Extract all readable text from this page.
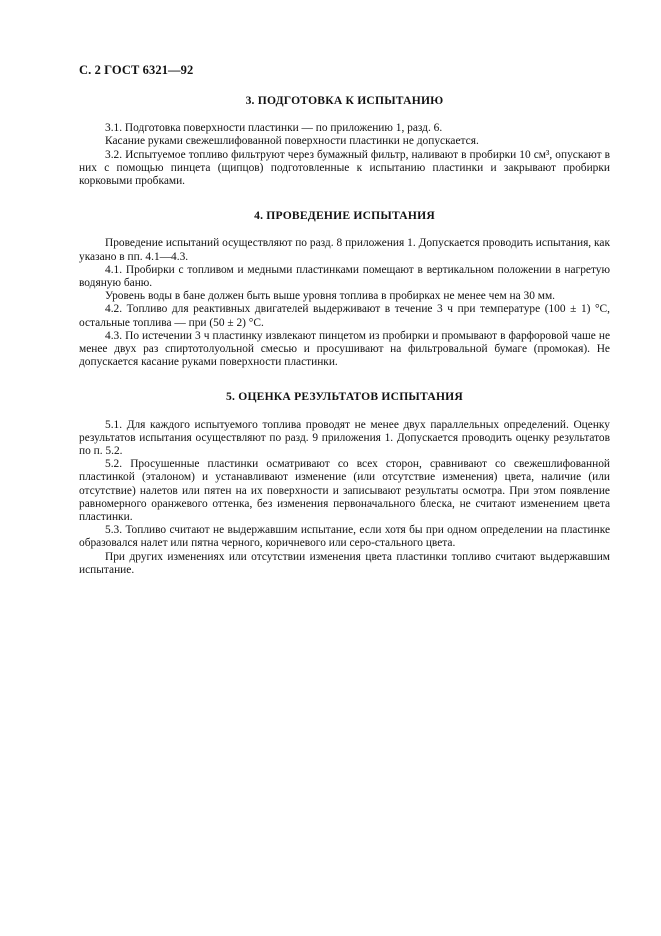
С. 2 ГОСТ 6321—92
3. ПОДГОТОВКА К ИСПЫТАНИЮ

3.1. Подготовка поверхности пластинки — по приложению 1, разд. 6.

Касание руками свежешлифованной поверхности пластинки не допускается.

3.2. Испытуемое топливо фильтруют через бумажный фильтр, наливают в пробирки 10 см³, опускают в них с помощью пинцета (щипцов) подготовленные к испытанию пластинки и закрывают пробирки корковыми пробками.

4. ПРОВЕДЕНИЕ ИСПЫТАНИЯ

Проведение испытаний осуществляют по разд. 8 приложения 1. Допускается проводить испытания, как указано в пп. 4.1—4.3.

4.1. Пробирки с топливом и медными пластинками помещают в вертикальном положении в нагретую водяную баню.

Уровень воды в бане должен быть выше уровня топлива в пробирках не менее чем на 30 мм.

4.2. Топливо для реактивных двигателей выдерживают в течение 3 ч при температуре (100 ± 1) °С, остальные топлива — при (50 ± 2) °С.

4.3. По истечении 3 ч пластинку извлекают пинцетом из пробирки и промывают в фарфоровой чаше не менее двух раз спиртотолуольной смесью и просушивают на фильтровальной бумаге (промокая). Не допускается касание руками поверхности пластинки.

5. ОЦЕНКА РЕЗУЛЬТАТОВ ИСПЫТАНИЯ

5.1. Для каждого испытуемого топлива проводят не менее двух параллельных определений. Оценку результатов испытания осуществляют по разд. 9 приложения 1. Допускается проводить оценку результатов по п. 5.2.

5.2. Просушенные пластинки осматривают со всех сторон, сравнивают со свежешлифованной пластинкой (эталоном) и устанавливают изменение (или отсутствие изменения) цвета, наличие (или отсутствие) налетов или пятен на их поверхности и записывают результаты осмотра. При этом появление равномерного оранжевого оттенка, без изменения первоначального блеска, не считают изменением цвета пластинки.

5.3. Топливо считают не выдержавшим испытание, если хотя бы при одном определении на пластинке образовался налет или пятна черного, коричневого или серо-стального цвета.

При других изменениях или отсутствии изменения цвета пластинки топливо считают выдержавшим испытание.
